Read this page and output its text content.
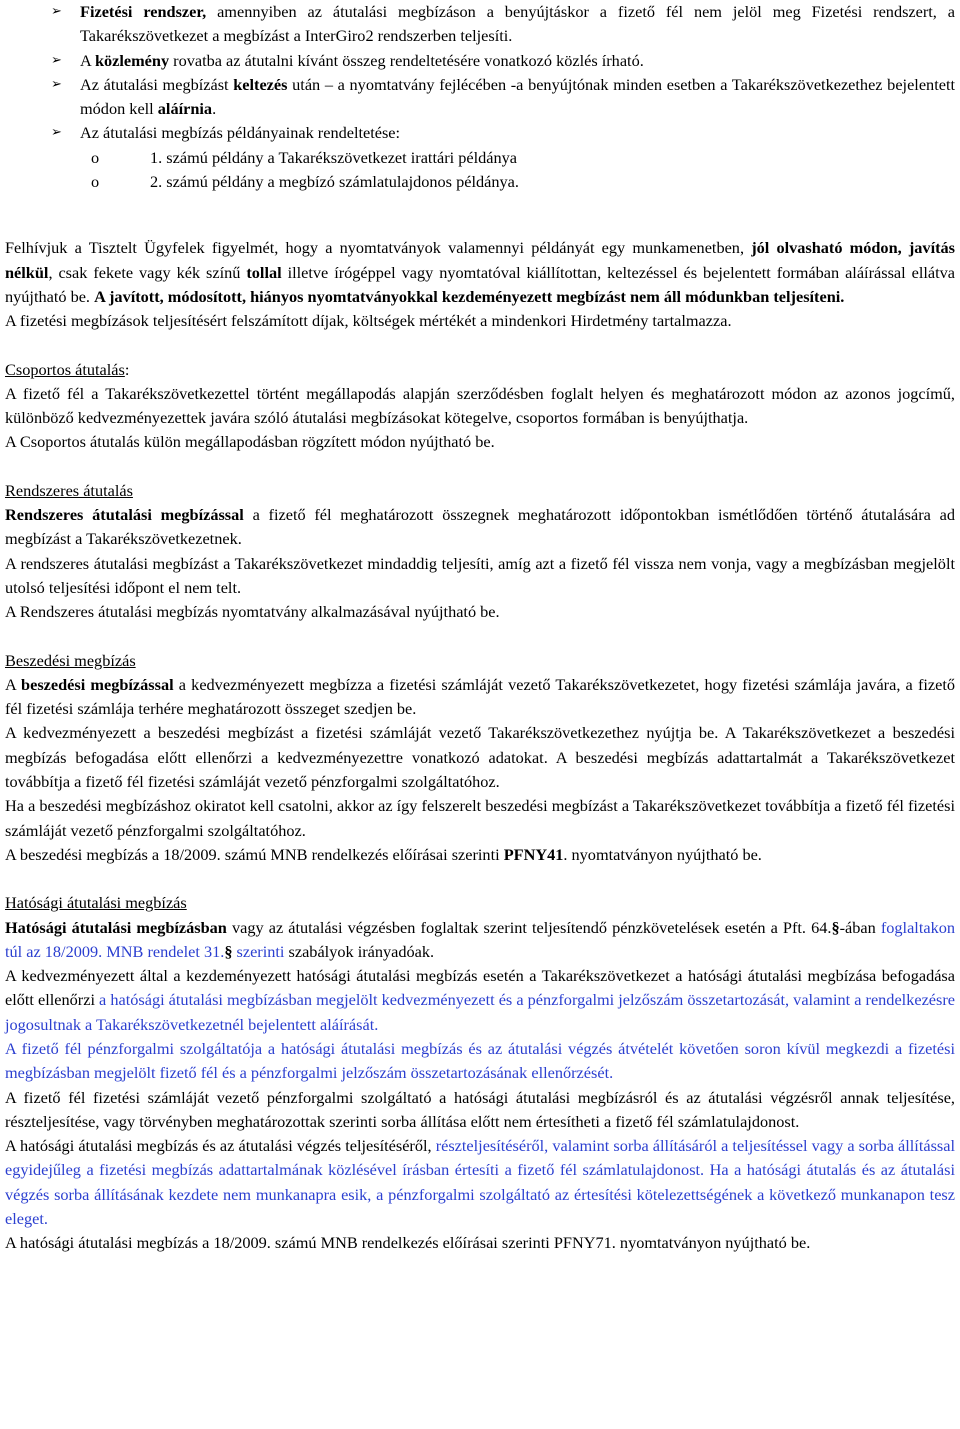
➢ Fizetési rendszer, amennyiben az átutalási megbízáson a benyújtáskor a fizető fél nem jelöl meg Fizetési rendszert, a Takarékszövetkezet a megbízást a InterGiro2 rendszerben teljesíti.
➢ A közlemény rovatba az átutalni kívánt összeg rendeltetésére vonatkozó közlés írható.
➢ Az átutalási megbízást keltezés után – a nyomtatvány fejlécében -a benyújtónak minden esetben a Takarékszövetkezethez bejelentett módon kell aláírnia.
➢ Az átutalási megbízás példányainak rendeltetése:
o	1. számú példány a Takarékszövetkezet irattári példánya
o	2. számú példány a megbízó számlatulajdonos példánya.

Felhívjuk a Tisztelt Ügyfelek figyelmét, hogy a nyomtatványok valamennyi példányát egy munkamenetben, jól olvasható módon, javítás nélkül, csak fekete vagy kék színű tollal illetve írógéppel vagy nyomtatóval kiállítottan, keltezéssel és bejelentett formában aláírással ellátva nyújtható be. A javított, módosított, hiányos nyomtatványokkal kezdeményezett megbízást nem áll módunkban teljesíteni.

A fizetési megbízások teljesítésért felszámított díjak, költségek mértékét a mindenkori Hirdetmény tartalmazza.

Csoportos átutalás:

A fizető fél a Takarékszövetkezettel történt megállapodás alapján szerződésben foglalt helyen és meghatározott módon az azonos jogcímű, különböző kedvezményezettek javára szóló átutalási megbízásokat kötegelve, csoportos formában is benyújthatja.

A Csoportos átutalás külön megállapodásban rögzített módon nyújtható be.

Rendszeres átutalás

Rendszeres átutalási megbízással a fizető fél meghatározott összegnek meghatározott időpontokban ismétlődően történő átutalására ad megbízást a Takarékszövetkezetnek.

A rendszeres átutalási megbízást a Takarékszövetkezet mindaddig teljesíti, amíg azt a fizető fél vissza nem vonja, vagy a megbízásban megjelölt utolsó teljesítési időpont el nem telt.

A Rendszeres átutalási megbízás nyomtatvány alkalmazásával nyújtható be.

Beszedési megbízás

A beszedési megbízással a kedvezményezett megbízza a fizetési számláját vezető Takarékszövetkezetet, hogy fizetési számlája javára, a fizető fél fizetési számlája terhére meghatározott összeget szedjen be.

A kedvezményezett a beszedési megbízást a fizetési számláját vezető Takarékszövetkezethez nyújtja be. A Takarékszövetkezet a beszedési megbízás befogadása előtt ellenőrzi a kedvezményezettre vonatkozó adatokat. A beszedési megbízás adattartalmát a Takarékszövetkezet továbbítja a fizető fél fizetési számláját vezető pénzforgalmi szolgáltatóhoz.

Ha a beszedési megbízáshoz okiratot kell csatolni, akkor az így felszerelt beszedési megbízást a Takarékszövetkezet továbbítja a fizető fél fizetési számláját vezető pénzforgalmi szolgáltatóhoz.

A beszedési megbízás a 18/2009. számú MNB rendelkezés előírásai szerinti PFNY41. nyomtatványon nyújtható be.

Hatósági átutalási megbízás

Hatósági átutalási megbízásban vagy az átutalási végzésben foglaltak szerint teljesítendő pénzkövetelések esetén a Pft. 64.§-ában foglaltakon túl az 18/2009. MNB rendelet 31.§ szerinti szabályok irányadóak.

A kedvezményezett által a kezdeményezett hatósági átutalási megbízás esetén a Takarékszövetkezet a hatósági átutalási megbízása befogadása előtt ellenőrzi a hatósági átutalási megbízásban megjelölt kedvezményezett és a pénzforgalmi jelzőszám összetartozását, valamint a rendelkezésre jogosultnak a Takarékszövetkezetnél bejelentett aláírását.

A fizető fél pénzforgalmi szolgáltatója a hatósági átutalási megbízás és az átutalási végzés átvételét követően soron kívül megkezdi a fizetési megbízásban megjelölt fizető fél és a pénzforgalmi jelzőszám összetartozásának ellenőrzését.

A fizető fél fizetési számláját vezető pénzforgalmi szolgáltató a hatósági átutalási megbízásról és az átutalási végzésről annak teljesítése, részteljesítése, vagy törvényben meghatározottak szerinti sorba állítása előtt nem értesítheti a fizető fél számlatulajdonost.

A hatósági átutalási megbízás és az átutalási végzés teljesítéséről, részteljesítéséről, valamint sorba állításáról a teljesítéssel vagy a sorba állítással egyidejűleg a fizetési megbízás adattartalmának közlésével írásban értesíti a fizető fél számlatulajdonost. Ha a hatósági átutalás és az átutalási végzés sorba állításának kezdete nem munkanapra esik, a pénzforgalmi szolgáltató az értesítési kötelezettségének a következő munkanapon tesz eleget.

A hatósági átutalási megbízás a 18/2009. számú MNB rendelkezés előírásai szerinti PFNY71. nyomtatványon nyújtható be.
